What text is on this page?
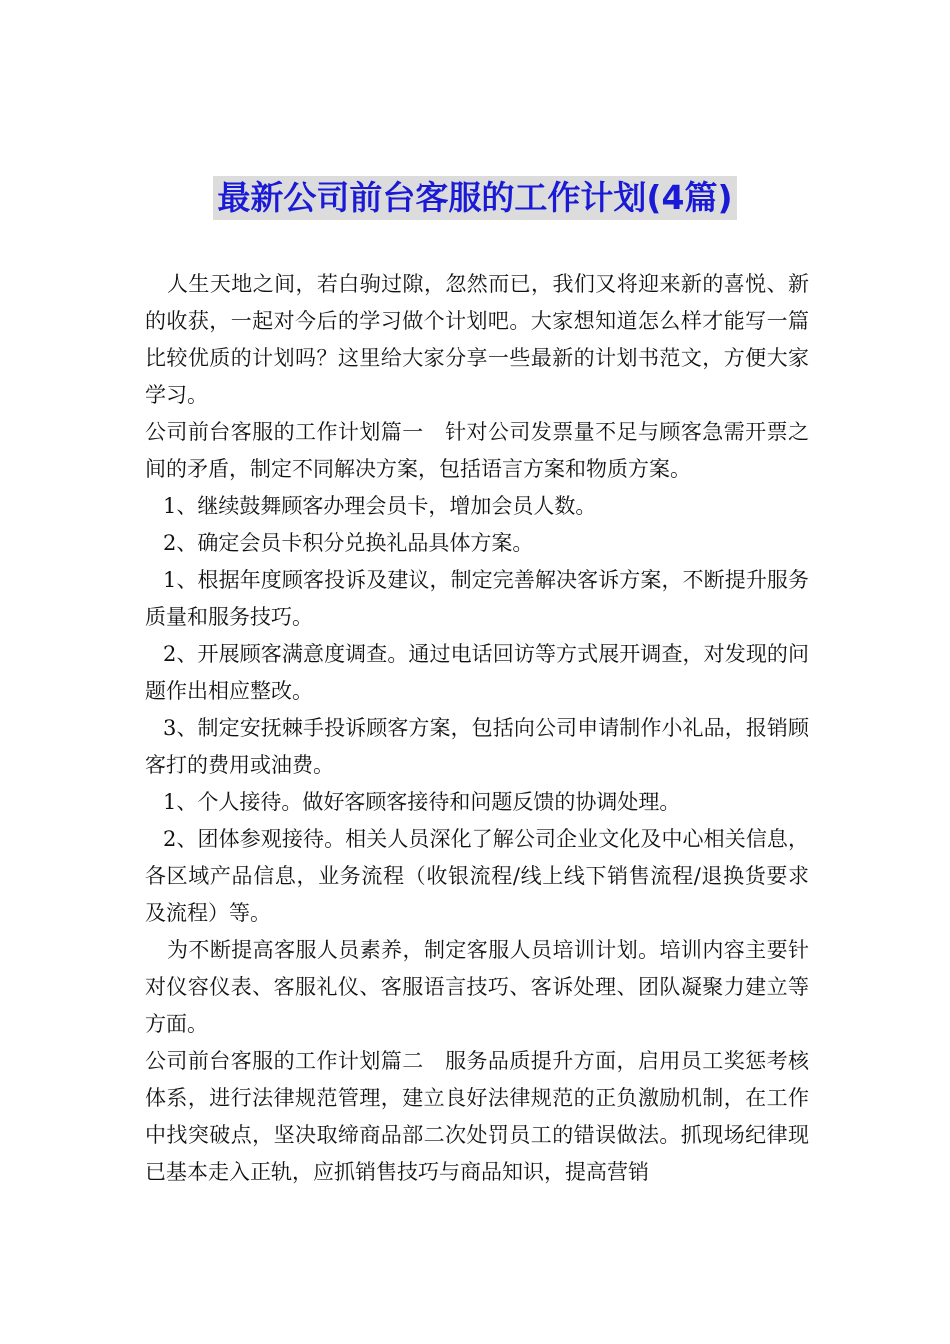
最新公司前台客服的工作计划(4篇)

人生天地之间，若白驹过隙，忽然而已，我们又将迎来新的喜悦、新的收获，一起对今后的学习做个计划吧。大家想知道怎么样才能写一篇比较优质的计划吗？这里给大家分享一些最新的计划书范文，方便大家学习。

公司前台客服的工作计划篇一　针对公司发票量不足与顾客急需开票之间的矛盾，制定不同解决方案，包括语言方案和物质方案。

1、继续鼓舞顾客办理会员卡，增加会员人数。

2、确定会员卡积分兑换礼品具体方案。

1、根据年度顾客投诉及建议，制定完善解决客诉方案，不断提升服务质量和服务技巧。

2、开展顾客满意度调查。通过电话回访等方式展开调查，对发现的问题作出相应整改。

3、制定安抚棘手投诉顾客方案，包括向公司申请制作小礼品，报销顾客打的费用或油费。

1、个人接待。做好客顾客接待和问题反馈的协调处理。

2、团体参观接待。相关人员深化了解公司企业文化及中心相关信息，各区域产品信息，业务流程（收银流程/线上线下销售流程/退换货要求及流程）等。

为不断提高客服人员素养，制定客服人员培训计划。培训内容主要针对仪容仪表、客服礼仪、客服语言技巧、客诉处理、团队凝聚力建立等方面。

公司前台客服的工作计划篇二　服务品质提升方面，启用员工奖惩考核体系，进行法律规范管理，建立良好法律规范的正负激励机制，在工作中找突破点，坚决取缔商品部二次处罚员工的错误做法。抓现场纪律现已基本走入正轨，应抓销售技巧与商品知识，提高营销
